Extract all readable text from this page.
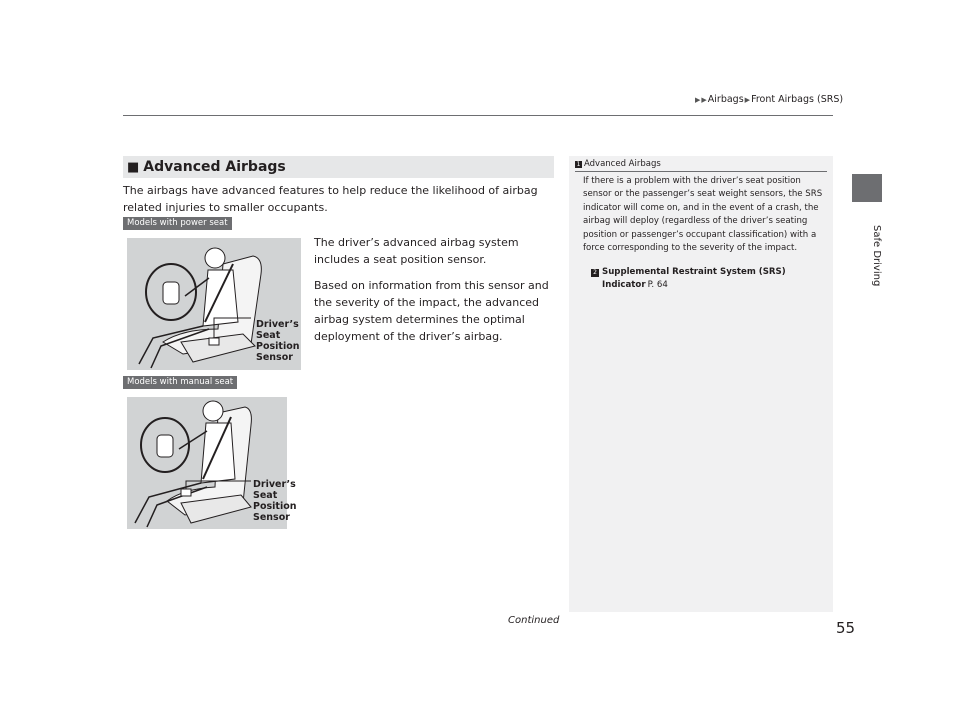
▶ ▶ Airbags ▶ Front Airbags (SRS)
Safe Driving
■ Advanced Airbags
The airbags have advanced features to help reduce the likelihood of airbag related injuries to smaller occupants.
Models with power seat
Models with manual seat

The driver’s advanced airbag system includes a seat position sensor.

Based on information from this sensor and the severity of the impact, the advanced airbag system determines the optimal deployment of the driver’s airbag.

Driver’s
Seat
Position
Sensor
Driver’s
Seat
Position
Sensor
1 Advanced Airbags
If there is a problem with the driver’s seat position sensor or the passenger’s seat weight sensors, the SRS indicator will come on, and in the event of a crash, the airbag will deploy (regardless of the driver’s seating position or passenger’s occupant classification) with a force corresponding to the severity of the impact.
2 Supplemental Restraint System (SRS)
Indicator P. 64
Continued	55
